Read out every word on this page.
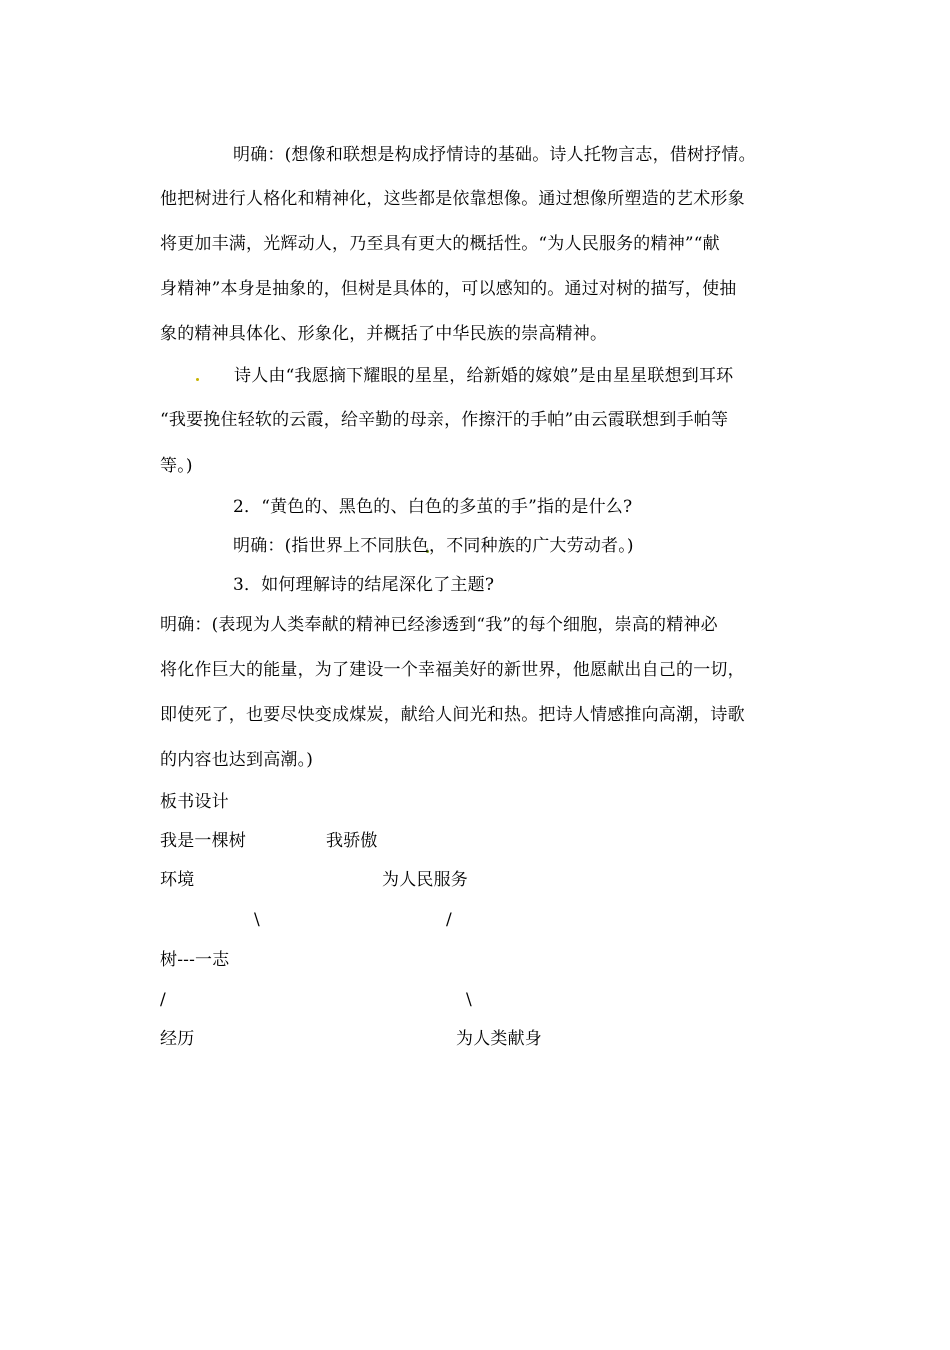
明确：(想像和联想是构成抒情诗的基础。诗人托物言志，借树抒情。
他把树进行人格化和精神化，这些都是依靠想像。通过想像所塑造的艺术形象
将更加丰满，光辉动人，乃至具有更大的概括性。“为人民服务的精神”“献
身精神”本身是抽象的，但树是具体的，可以感知的。通过对树的描写，使抽
象的精神具体化、形象化，并概括了中华民族的崇高精神。
诗人由“我愿摘下耀眼的星星，给新婚的嫁娘”是由星星联想到耳环
“我要挽住轻软的云霞，给辛勤的母亲，作擦汗的手帕”由云霞联想到手帕等
等。)
2．“黄色的、黑色的、白色的多茧的手”指的是什么?
明确：(指世界上不同肤色，不同种族的广大劳动者。)
3．如何理解诗的结尾深化了主题?
明确：(表现为人类奉献的精神已经渗透到“我”的每个细胞，崇高的精神必
将化作巨大的能量，为了建设一个幸福美好的新世界，他愿献出自己的一切，
即使死了，也要尽快变成煤炭，献给人间光和热。把诗人情感推向高潮，诗歌
的内容也达到高潮。)
板书设计
我是一棵树	我骄傲
环境	为人民服务
\	/
树---一志
/	\
经历	为人类献身
